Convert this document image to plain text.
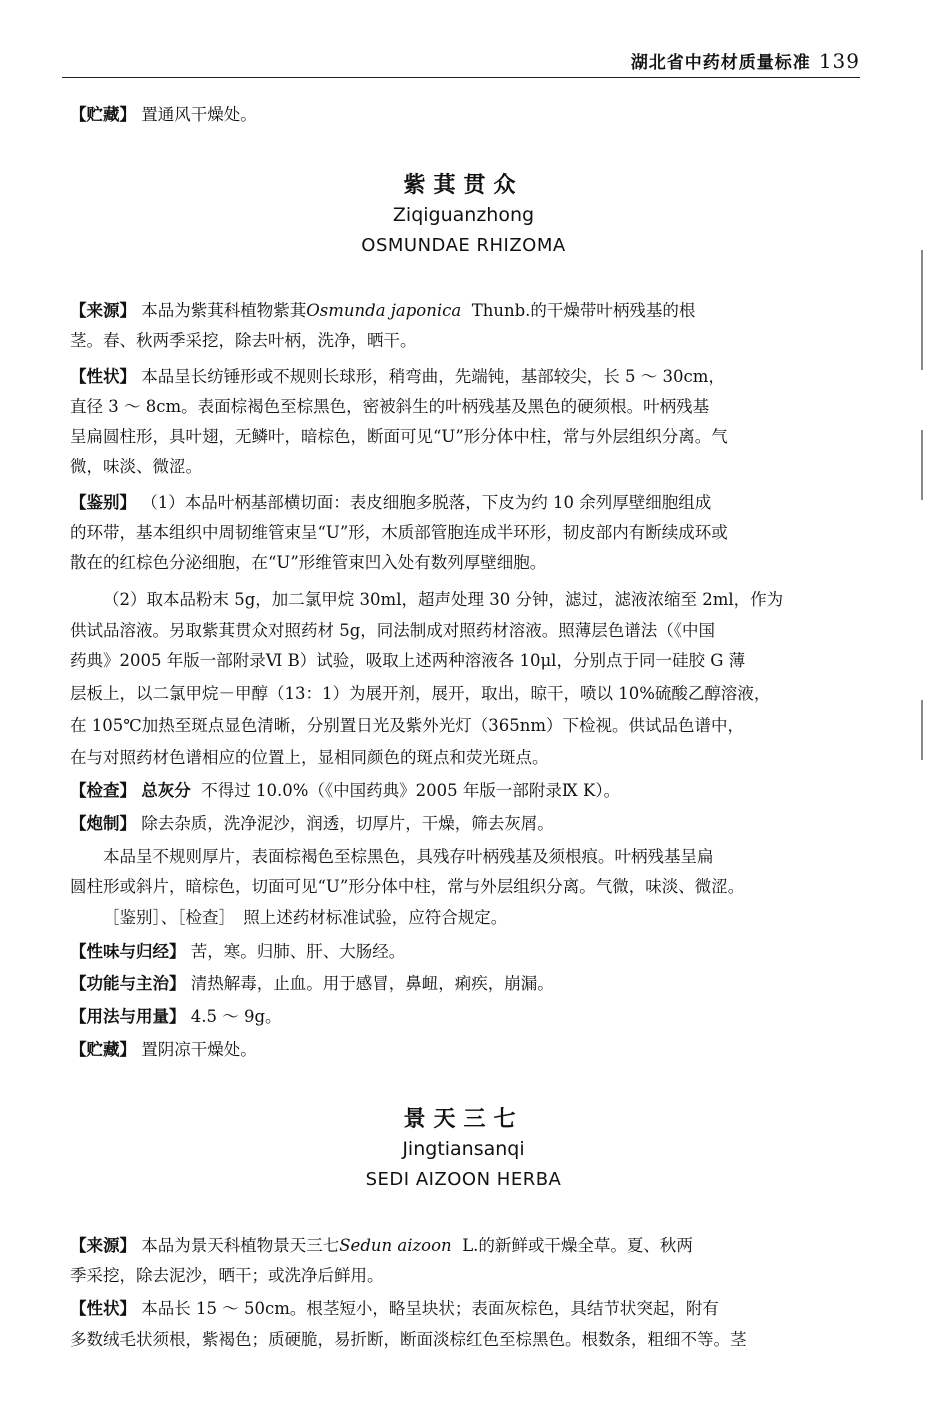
湖北省中药材质量标准 139
【贮藏】 置通风干燥处。
紫萁贯众
Ziqiguanzhong
OSMUNDAE RHIZOMA
【来源】 本品为紫萁科植物紫萁Osmunda japonica Thunb.的干燥带叶柄残基的根
茎。春、秋两季采挖，除去叶柄，洗净，晒干。
【性状】 本品呈长纺锤形或不规则长球形，稍弯曲，先端钝，基部较尖，长 5 ～ 30cm，
直径 3 ～ 8cm。表面棕褐色至棕黑色，密被斜生的叶柄残基及黑色的硬须根。叶柄残基
呈扁圆柱形，具叶翅，无鳞叶，暗棕色，断面可见“U”形分体中柱，常与外层组织分离。气
微，味淡、微涩。
【鉴别】 （1）本品叶柄基部横切面：表皮细胞多脱落，下皮为约 10 余列厚壁细胞组成
的环带，基本组织中周韧维管束呈“U”形，木质部管胞连成半环形，韧皮部内有断续成环或
散在的红棕色分泌细胞，在“U”形维管束凹入处有数列厚壁细胞。
（2）取本品粉末 5g，加二氯甲烷 30ml，超声处理 30 分钟，滤过，滤液浓缩至 2ml，作为
供试品溶液。另取紫萁贯众对照药材 5g，同法制成对照药材溶液。照薄层色谱法（《中国
药典》2005 年版一部附录Ⅵ B）试验，吸取上述两种溶液各 10μl，分别点于同一硅胶 G 薄
层板上，以二氯甲烷－甲醇（13：1）为展开剂，展开，取出，晾干，喷以 10%硫酸乙醇溶液，
在 105℃加热至斑点显色清晰，分别置日光及紫外光灯（365nm）下检视。供试品色谱中，
在与对照药材色谱相应的位置上，显相同颜色的斑点和荧光斑点。
【检查】 总灰分 不得过 10.0%（《中国药典》2005 年版一部附录Ⅸ K）。
【炮制】 除去杂质，洗净泥沙，润透，切厚片，干燥，筛去灰屑。
本品呈不规则厚片，表面棕褐色至棕黑色，具残存叶柄残基及须根痕。叶柄残基呈扁
圆柱形或斜片，暗棕色，切面可见“U”形分体中柱，常与外层组织分离。气微，味淡、微涩。
［鉴别］、［检查］　照上述药材标准试验，应符合规定。
【性味与归经】 苦，寒。归肺、肝、大肠经。
【功能与主治】 清热解毒，止血。用于感冒，鼻衄，痢疾，崩漏。
【用法与用量】 4.5 ～ 9g。
【贮藏】 置阴凉干燥处。
景天三七
Jingtiansanqi
SEDI AIZOON HERBA
【来源】 本品为景天科植物景天三七Sedun aizoon L.的新鲜或干燥全草。夏、秋两
季采挖，除去泥沙，晒干；或洗净后鲜用。
【性状】 本品长 15 ～ 50cm。根茎短小，略呈块状；表面灰棕色，具结节状突起，附有
多数绒毛状须根，紫褐色；质硬脆，易折断，断面淡棕红色至棕黑色。根数条，粗细不等。茎
